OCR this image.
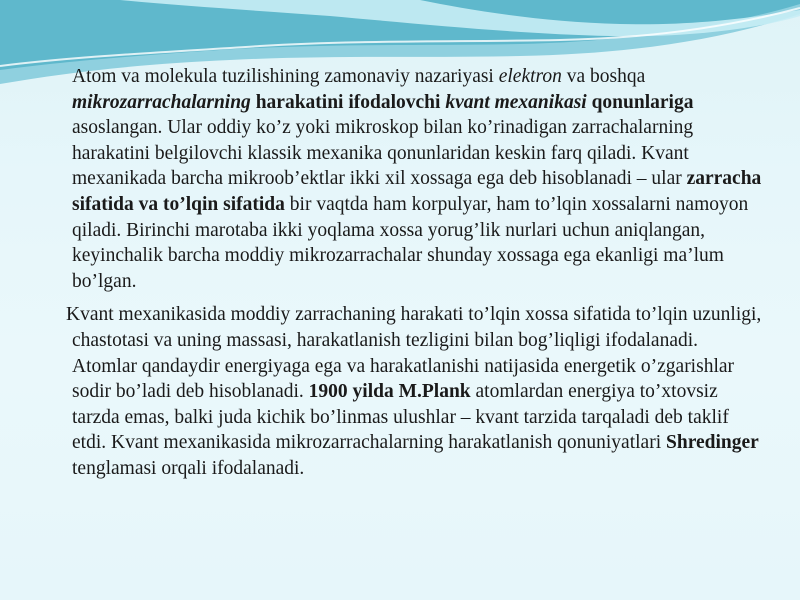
Atom va molekula tuzilishining zamonaviy nazariyasi elektron va boshqa mikrozarrachalarning harakatini ifodalovchi kvant mexanikasi qonunlariga asoslangan. Ular oddiy ko’z yoki mikroskop bilan ko’rinadigan zarrachalarning harakatini belgilovchi klassik mexanika qonunlaridan keskin farq qiladi. Kvant mexanikada barcha mikroob’ektlar ikki xil xossaga ega deb hisoblanadi – ular zarracha sifatida va to’lqin sifatida bir vaqtda ham korpulyar, ham to’lqin xossalarni namoyon qiladi. Birinchi marotaba ikki yoqlama xossa yorug’lik nurlari uchun aniqlangan, keyinchalik barcha moddiy mikrozarrachalar shunday xossaga ega ekanligi ma’lum bo’lgan.

Kvant mexanikasida moddiy zarrachaning harakati to’lqin xossa sifatida to’lqin uzunligi, chastotasi va uning massasi, harakatlanish tezligini bilan bog’liqligi ifodalanadi. Atomlar qandaydir energiyaga ega va harakatlanishi natijasida energetik o’zgarishlar sodir bo’ladi deb hisoblanadi. 1900 yilda M.Plank atomlardan energiya to’xtovsiz tarzda emas, balki juda kichik bo’linmas ulushlar – kvant tarzida tarqaladi deb taklif etdi. Kvant mexanikasida mikrozarrachalarning harakatlanish qonuniyatlari Shredinger tenglamasi orqali ifodalanadi.
